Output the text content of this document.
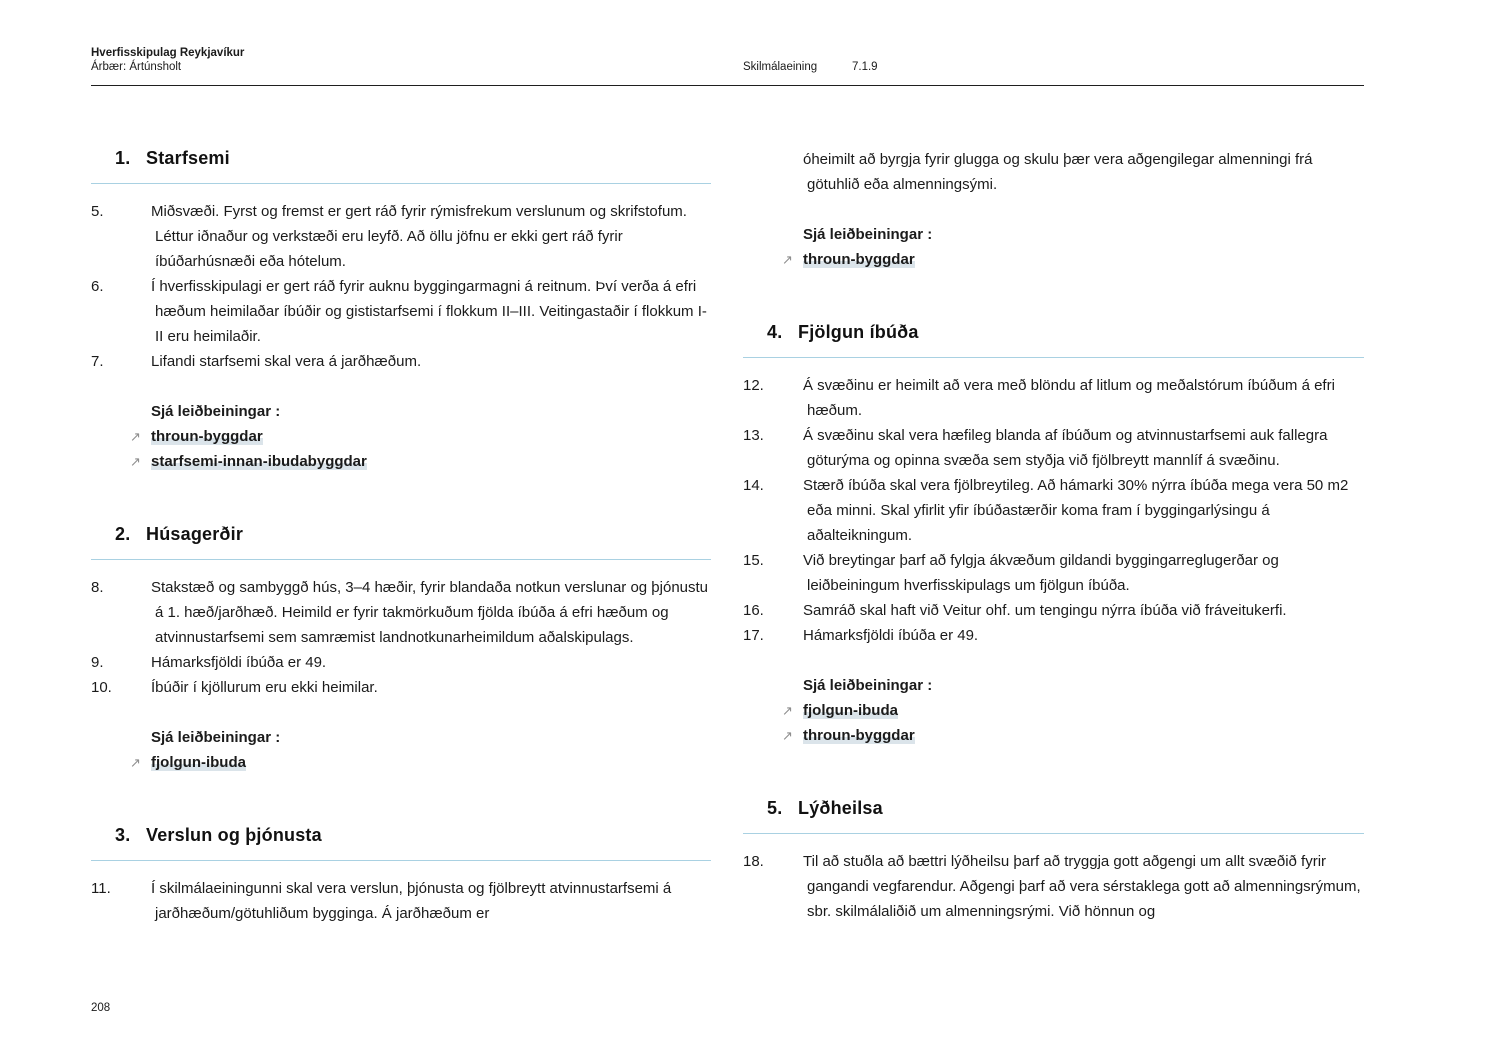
Hverfisskipulag Reykjavíkur
Árbær: Ártúnsholt	Skilmálaeining	7.1.9
1. Starfsemi
5.	Miðsvæði. Fyrst og fremst er gert ráð fyrir rýmisfrekum verslunum og skrifstofum. Léttur iðnaður og verkstæði eru leyfð. Að öllu jöfnu er ekki gert ráð fyrir íbúðarhúsnæði eða hótelum.
6.	Í hverfisskipulagi er gert ráð fyrir auknu byggingarmagni á reitnum. Því verða á efri hæðum heimilaðar íbúðir og gististarfsemi í flokkum II–III. Veitingastaðir í flokkum I-II eru heimilaðir.
7.	Lifandi starfsemi skal vera á jarðhæðum.
Sjá leiðbeiningar :
↗ throun-byggdar
↗ starfsemi-innan-ibudabyggdar
2. Húsagerðir
8.	Stakstæð og sambyggð hús, 3–4 hæðir, fyrir blandaða notkun verslunar og þjónustu á 1. hæð/jarðhæð. Heimild er fyrir takmörkuðum fjölda íbúða á efri hæðum og atvinnustarfsemi sem samræmist landnotkunarheimildum aðalskipulags.
9.	Hámarksfjöldi íbúða er 49.
10.	Íbúðir í kjöllurum eru ekki heimilar.
Sjá leiðbeiningar :
↗ fjolgun-ibuda
3. Verslun og þjónusta
11.	Í skilmálaeiningunni skal vera verslun, þjónusta og fjölbreytt atvinnustarfsemi á jarðhæðum/götuhliðum bygginga. Á jarðhæðum er
óheimilt að byrgja fyrir glugga og skulu þær vera aðgengilegar almenningi frá götuhlið eða almenningsými.
Sjá leiðbeiningar :
↗ throun-byggdar
4. Fjölgun íbúða
12.	Á svæðinu er heimilt að vera með blöndu af litlum og meðalstórum íbúðum á efri hæðum.
13.	Á svæðinu skal vera hæfileg blanda af íbúðum og atvinnustarfsemi auk fallegra göturýma og opinna svæða sem styðja við fjölbreytt mannlíf á svæðinu.
14.	Stærð íbúða skal vera fjölbreytileg. Að hámarki 30% nýrra íbúða mega vera 50 m2 eða minni. Skal yfirlit yfir íbúðastærðir koma fram í byggingarlýsingu á aðalteikningum.
15.	Við breytingar þarf að fylgja ákvæðum gildandi byggingarreglugerðar og leiðbeiningum hverfisskipulags um fjölgun íbúða.
16.	Samráð skal haft við Veitur ohf. um tengingu nýrra íbúða við fráveitukerfi.
17.	Hámarksfjöldi íbúða er 49.
Sjá leiðbeiningar :
↗ fjolgun-ibuda
↗ throun-byggdar
5. Lýðheilsa
18.	Til að stuðla að bættri lýðheilsu þarf að tryggja gott aðgengi um allt svæðið fyrir gangandi vegfarendur. Aðgengi þarf að vera sérstaklega gott að almenningsrýmum, sbr. skilmálaliðið um almenningsrými. Við hönnun og
208
